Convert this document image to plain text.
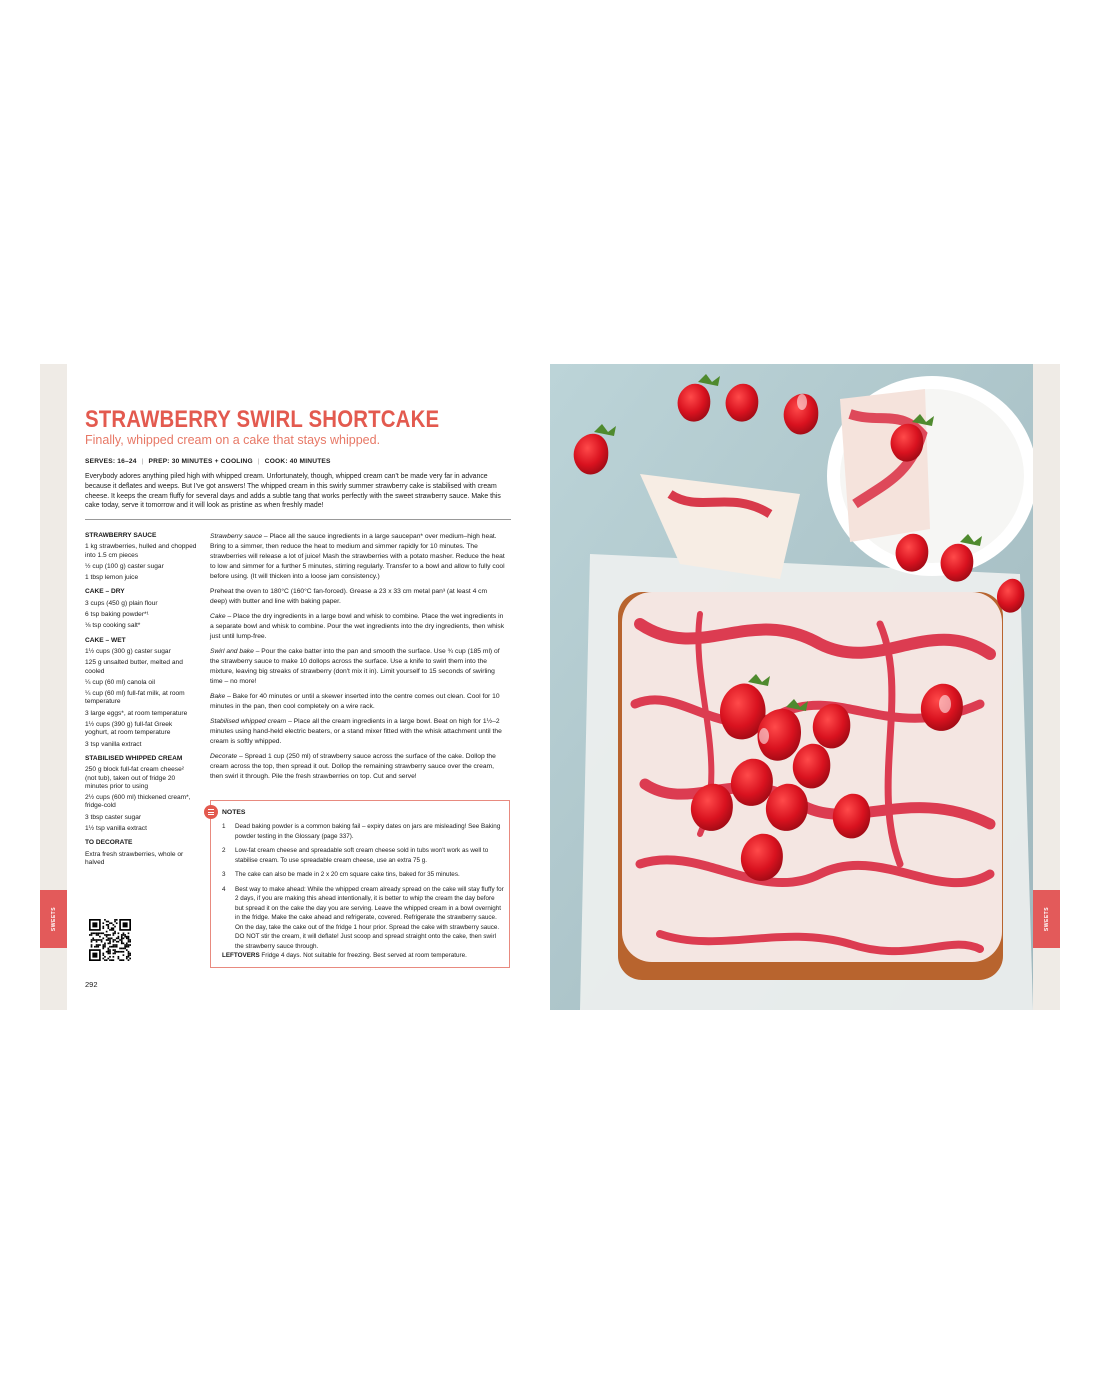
SWEETS
STRAWBERRY SWIRL SHORTCAKE
Finally, whipped cream on a cake that stays whipped.
SERVES: 16–24 | PREP: 30 MINUTES + COOLING | COOK: 40 MINUTES
Everybody adores anything piled high with whipped cream. Unfortunately, though, whipped cream can't be made very far in advance because it deflates and weeps. But I've got answers! The whipped cream in this swirly summer strawberry cake is stabilised with cream cheese. It keeps the cream fluffy for several days and adds a subtle tang that works perfectly with the sweet strawberry sauce. Make this cake today, serve it tomorrow and it will look as pristine as when freshly made!
STRAWBERRY SAUCE
1 kg strawberries, hulled and chopped into 1.5 cm pieces
½ cup (100 g) caster sugar
1 tbsp lemon juice
CAKE – DRY
3 cups (450 g) plain flour
6 tsp baking powder*¹
⅛ tsp cooking salt*
CAKE – WET
1½ cups (300 g) caster sugar
125 g unsalted butter, melted and cooled
¼ cup (60 ml) canola oil
¼ cup (60 ml) full-fat milk, at room temperature
3 large eggs*, at room temperature
1½ cups (390 g) full-fat Greek yoghurt, at room temperature
3 tsp vanilla extract
STABILISED WHIPPED CREAM
250 g block full-fat cream cheese² (not tub), taken out of fridge 20 minutes prior to using
2½ cups (600 ml) thickened cream*, fridge-cold
3 tbsp caster sugar
1½ tsp vanilla extract
TO DECORATE
Extra fresh strawberries, whole or halved

Strawberry sauce – Place all the sauce ingredients in a large saucepan* over medium–high heat. Bring to a simmer, then reduce the heat to medium and simmer rapidly for 10 minutes. The strawberries will release a lot of juice! Mash the strawberries with a potato masher. Reduce the heat to low and simmer for a further 5 minutes, stirring regularly. Transfer to a bowl and allow to fully cool before using. (It will thicken into a loose jam consistency.)

Preheat the oven to 180°C (160°C fan-forced). Grease a 23 x 33 cm metal pan³ (at least 4 cm deep) with butter and line with baking paper.

Cake – Place the dry ingredients in a large bowl and whisk to combine. Place the wet ingredients in a separate bowl and whisk to combine. Pour the wet ingredients into the dry ingredients, then whisk just until lump-free.

Swirl and bake – Pour the cake batter into the pan and smooth the surface. Use ¾ cup (185 ml) of the strawberry sauce to make 10 dollops across the surface. Use a knife to swirl them into the mixture, leaving big streaks of strawberry (don't mix it in). Limit yourself to 15 seconds of swirling time – no more!

Bake – Bake for 40 minutes or until a skewer inserted into the centre comes out clean. Cool for 10 minutes in the pan, then cool completely on a wire rack.

Stabilised whipped cream – Place all the cream ingredients in a large bowl. Beat on high for 1½–2 minutes using hand-held electric beaters, or a stand mixer fitted with the whisk attachment until the cream is softly whipped.

Decorate – Spread 1 cup (250 ml) of strawberry sauce across the surface of the cake. Dollop the cream across the top, then spread it out. Dollop the remaining strawberry sauce over the cream, then swirl it through. Pile the fresh strawberries on top. Cut and serve!

NOTES
1 Dead baking powder is a common baking fail – expiry dates on jars are misleading! See Baking powder testing in the Glossary (page 337).
2 Low-fat cream cheese and spreadable soft cream cheese sold in tubs won't work as well to stabilise cream. To use spreadable cream cheese, use an extra 75 g.
3 The cake can also be made in 2 x 20 cm square cake tins, baked for 35 minutes.
4 Best way to make ahead: While the whipped cream already spread on the cake will stay fluffy for 2 days, if you are making this ahead intentionally, it is better to whip the cream the day before but spread it on the cake the day you are serving. Leave the whipped cream in a bowl overnight in the fridge. Make the cake ahead and refrigerate, covered. Refrigerate the strawberry sauce. On the day, take the cake out of the fridge 1 hour prior. Spread the cake with strawberry sauce. DO NOT stir the cream, it will deflate! Just scoop and spread straight onto the cake, then swirl the strawberry sauce through.
LEFTOVERS Fridge 4 days. Not suitable for freezing. Best served at room temperature.
292
SWEETS
